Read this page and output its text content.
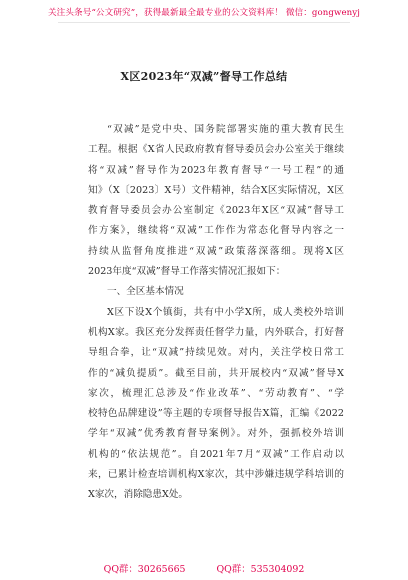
关注头条号“公文研究”，获得最新最全最专业的公文资料库！ 微信：gongwenyj
X区2023年“双减”督导工作总结
“双减”是党中央、国务院部署实施的重大教育民生
工程。根据《X省人民政府教育督导委员会办公室关于继续
将“双减”督导作为2023年教育督导“一号工程”的通
知》（X〔2023〕X号）文件精神，结合X区实际情况，X区
教育督导委员会办公室制定《2023年X区“双减”督导工
作方案》，继续将“双减”工作作为常态化督导内容之一
持续从监督角度推进“双减”政策落深落细。现将X区
2023年度“双减”督导工作落实情况汇报如下：
一、全区基本情况
X区下设X个镇街，共有中小学X所，成人类校外培训
机构X家。我区充分发挥责任督学力量，内外联合，打好督
导组合拳，让“双减”持续见效。对内，关注学校日常工
作的“减负提质”。截至目前，共开展校内“双减”督导X
家次，梳理汇总涉及“作业改革”、“劳动教育”、“学
校特色品牌建设”等主题的专项督导报告X篇，汇编《2022
学年“双减”优秀教育督导案例》。对外，强抓校外培训
机构的“依法规范”。自2021年7月“双减”工作启动以
来，已累计检查培训机构X家次，其中涉嫌违规学科培训的
X家次，消除隐患X处。
QQ群：30265665	QQ群：535304092
